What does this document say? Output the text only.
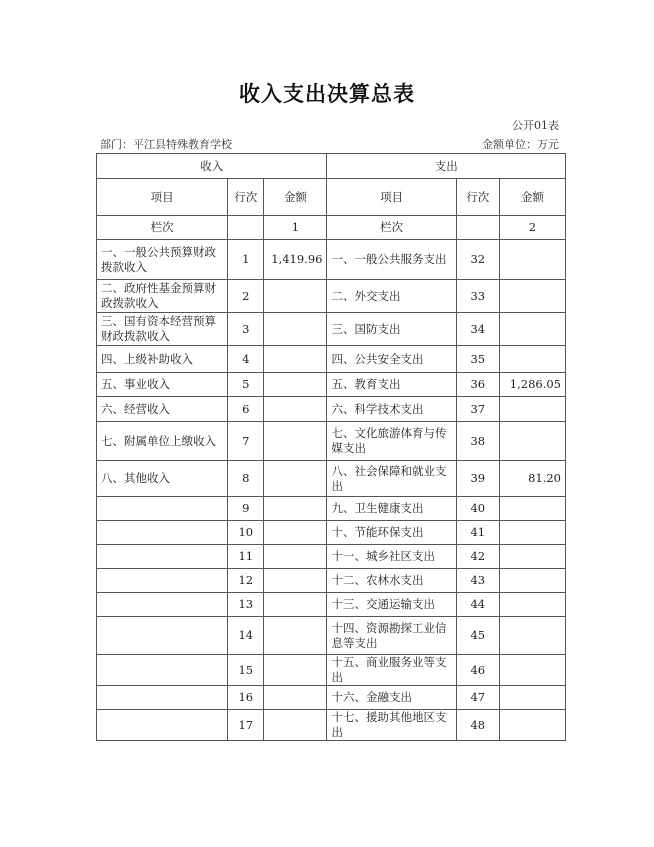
收入支出决算总表
公开01表
部门：平江县特殊教育学校	金额单位：万元
收入			支出		
项目	行次	金额	项目	行次	金额
栏次		1	栏次		2
一、一般公共预算财政拨款收入	1	1,419.96	一、一般公共服务支出	32	
二、政府性基金预算财政拨款收入	2		二、外交支出	33	
三、国有资本经营预算财政拨款收入	3		三、国防支出	34	
四、上级补助收入	4		四、公共安全支出	35	
五、事业收入	5		五、教育支出	36	1,286.05
六、经营收入	6		六、科学技术支出	37	
七、附属单位上缴收入	7		七、文化旅游体育与传媒支出	38	
八、其他收入	8		八、社会保障和就业支出	39	81.20
	9		九、卫生健康支出	40	
	10		十、节能环保支出	41	
	11		十一、城乡社区支出	42	
	12		十二、农林水支出	43	
	13		十三、交通运输支出	44	
	14		十四、资源勘探工业信息等支出	45	
	15		十五、商业服务业等支出	46	
	16		十六、金融支出	47	
	17		十七、援助其他地区支出	48	
